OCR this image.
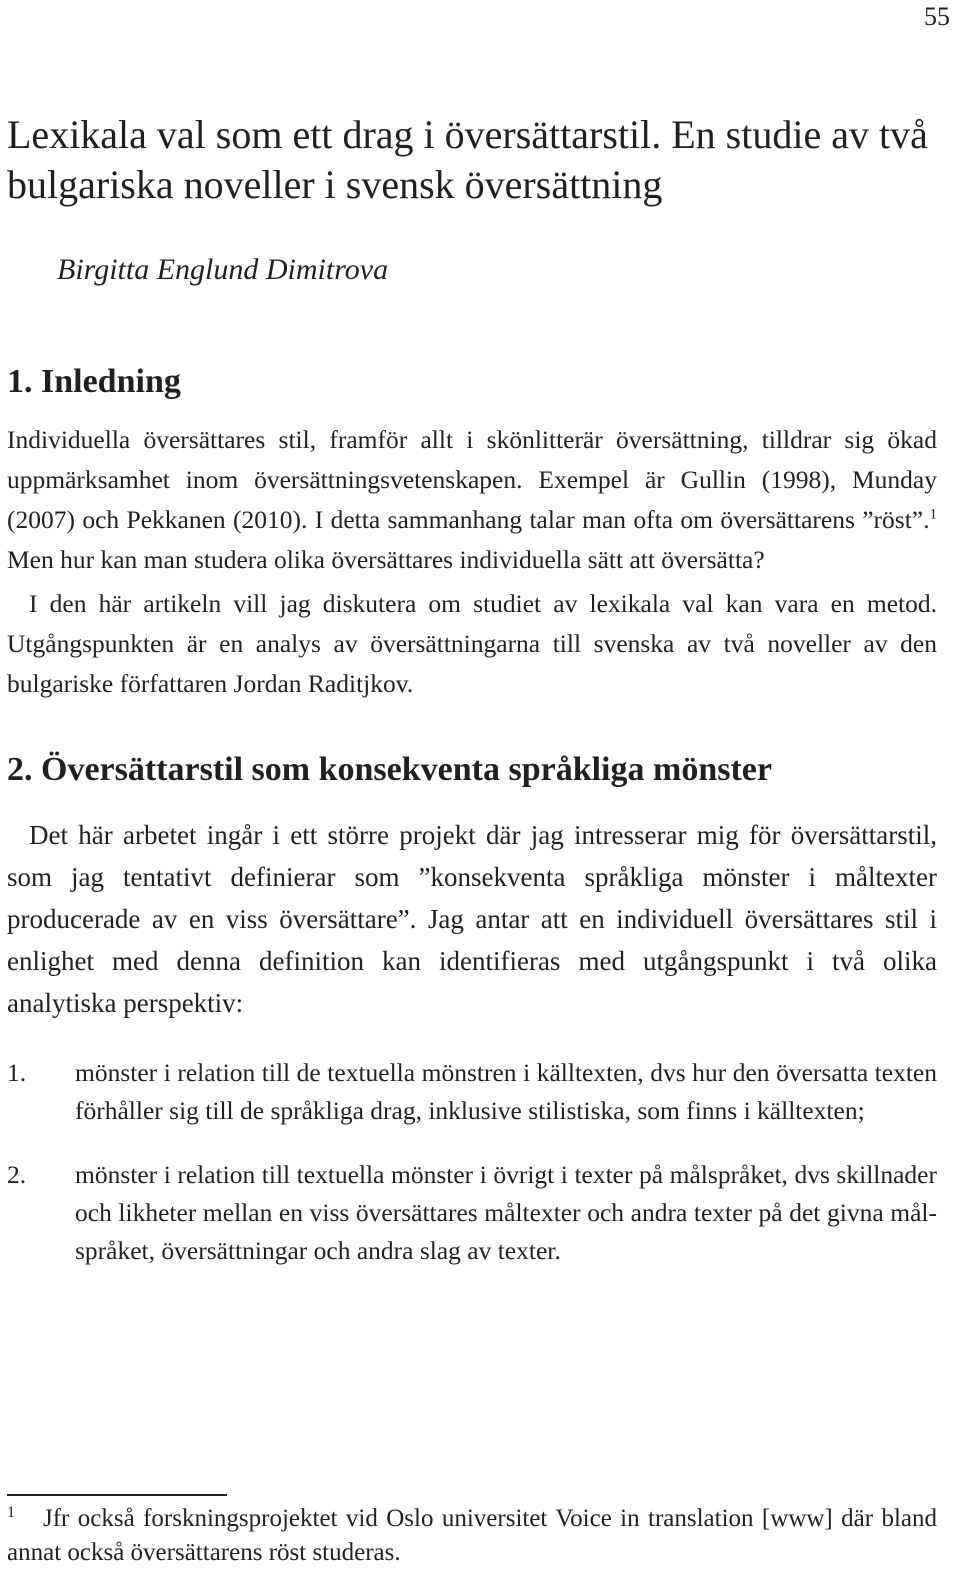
55
Lexikala val som ett drag i översättarstil. En studie av två bulgariska noveller i svensk översättning
Birgitta Englund Dimitrova
1. Inledning

Individuella översättares stil, framför allt i skönlitterär översättning, tilldrar sig ökad uppmärksamhet inom översättningsvetenskapen. Exempel är Gullin (1998), Munday (2007) och Pekkanen (2010). I detta sammanhang talar man ofta om översättarens ”röst”.$^1$ Men hur kan man studera olika översättares individuella sätt att översätta?

I den här artikeln vill jag diskutera om studiet av lexikala val kan vara en metod. Utgångspunkten är en analys av översättningarna till svenska av två noveller av den bulgariske författaren Jordan Raditjkov.

2. Översättarstil som konsekventa språkliga mönster

Det här arbetet ingår i ett större projekt där jag intresserar mig för översättarstil, som jag tentativt definierar som ”konsekventa språkliga mönster i måltexter producerade av en viss översättare”. Jag antar att en individuell översättares stil i enlighet med denna definition kan identifieras med utgångspunkt i två olika analytiska perspektiv:

1. mönster i relation till de textuella mönstren i källtexten, dvs hur den översatta texten förhåller sig till de språkliga drag, inklusive stilistiska, som finns i källtexten;
2. mönster i relation till textuella mönster i övrigt i texter på målspråket, dvs skillnader och likheter mellan en viss översättares måltexter och andra texter på det givna mål-språket, översättningar och andra slag av texter.
$^1$ Jfr också forskningsprojektet vid Oslo universitet Voice in translation [www] där bland annat också översättarens röst studeras.
